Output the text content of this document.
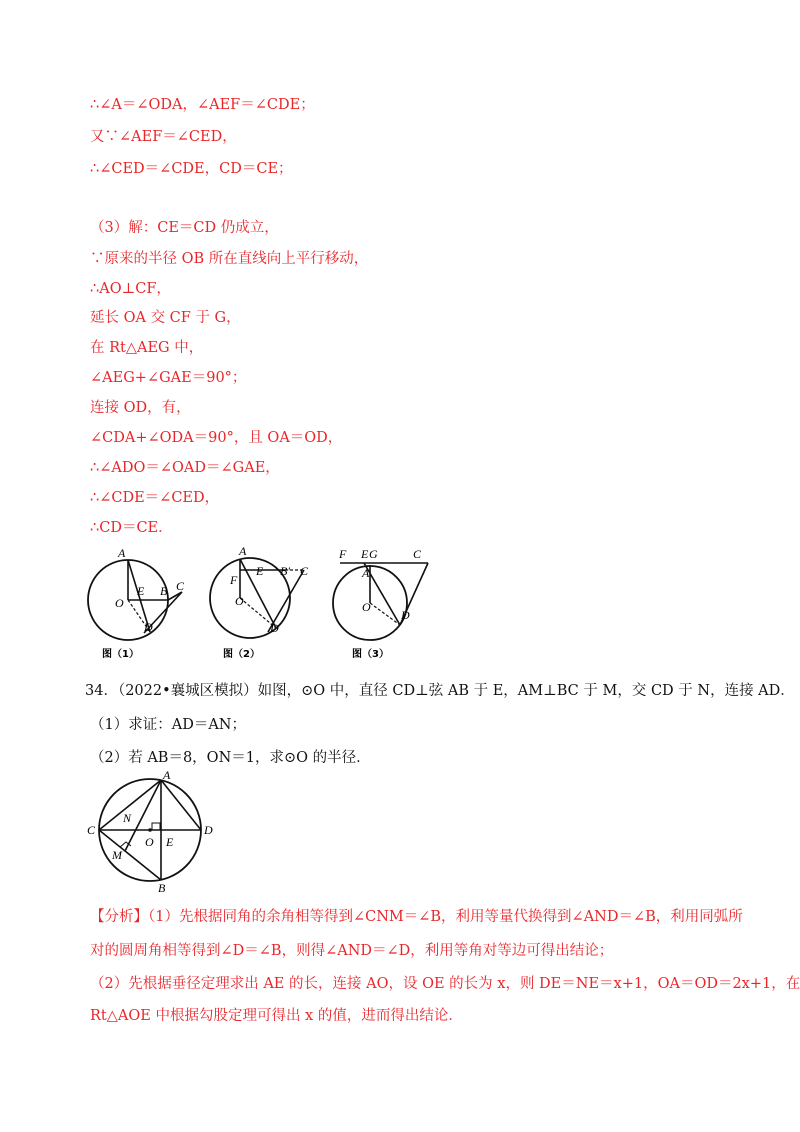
∴∠A＝∠ODA，∠AEF＝∠CDE；
又∵∠AEF＝∠CED，
∴∠CED＝∠CDE，CD＝CE；
（3）解：CE＝CD 仍成立，
∵原来的半径 OB 所在直线向上平行移动，
∴AO⊥CF，
延长 OA 交 CF 于 G，
在 Rt△AEG 中，
∠AEG+∠GAE＝90°；
连接 OD，有，
∠CDA+∠ODA＝90°，且 OA＝OD，
∴∠ADO＝∠OAD＝∠GAE，
∴∠CDE＝∠CED，
∴CD＝CE．
A
E B C
O
D
图（1）
A
F
E B′ C
O
D
图（2）
F E G	C
A
O
D
图（3）
34．（2022•襄城区模拟）如图，⊙O 中，直径 CD⊥弦 AB 于 E，AM⊥BC 于 M，交 CD 于 N，连接 AD．
（1）求证：AD＝AN；
（2）若 AB＝8，ON＝1，求⊙O 的半径．
A
N
C
O E
D
M
B
【分析】（1）先根据同角的余角相等得到∠CNM＝∠B，利用等量代换得到∠AND＝∠B，利用同弧所
对的圆周角相等得到∠D＝∠B，则得∠AND＝∠D，利用等角对等边可得出结论；
（2）先根据垂径定理求出 AE 的长，连接 AO，设 OE 的长为 x，则 DE＝NE＝x+1，OA＝OD＝2x+1，在
Rt△AOE 中根据勾股定理可得出 x 的值，进而得出结论．
